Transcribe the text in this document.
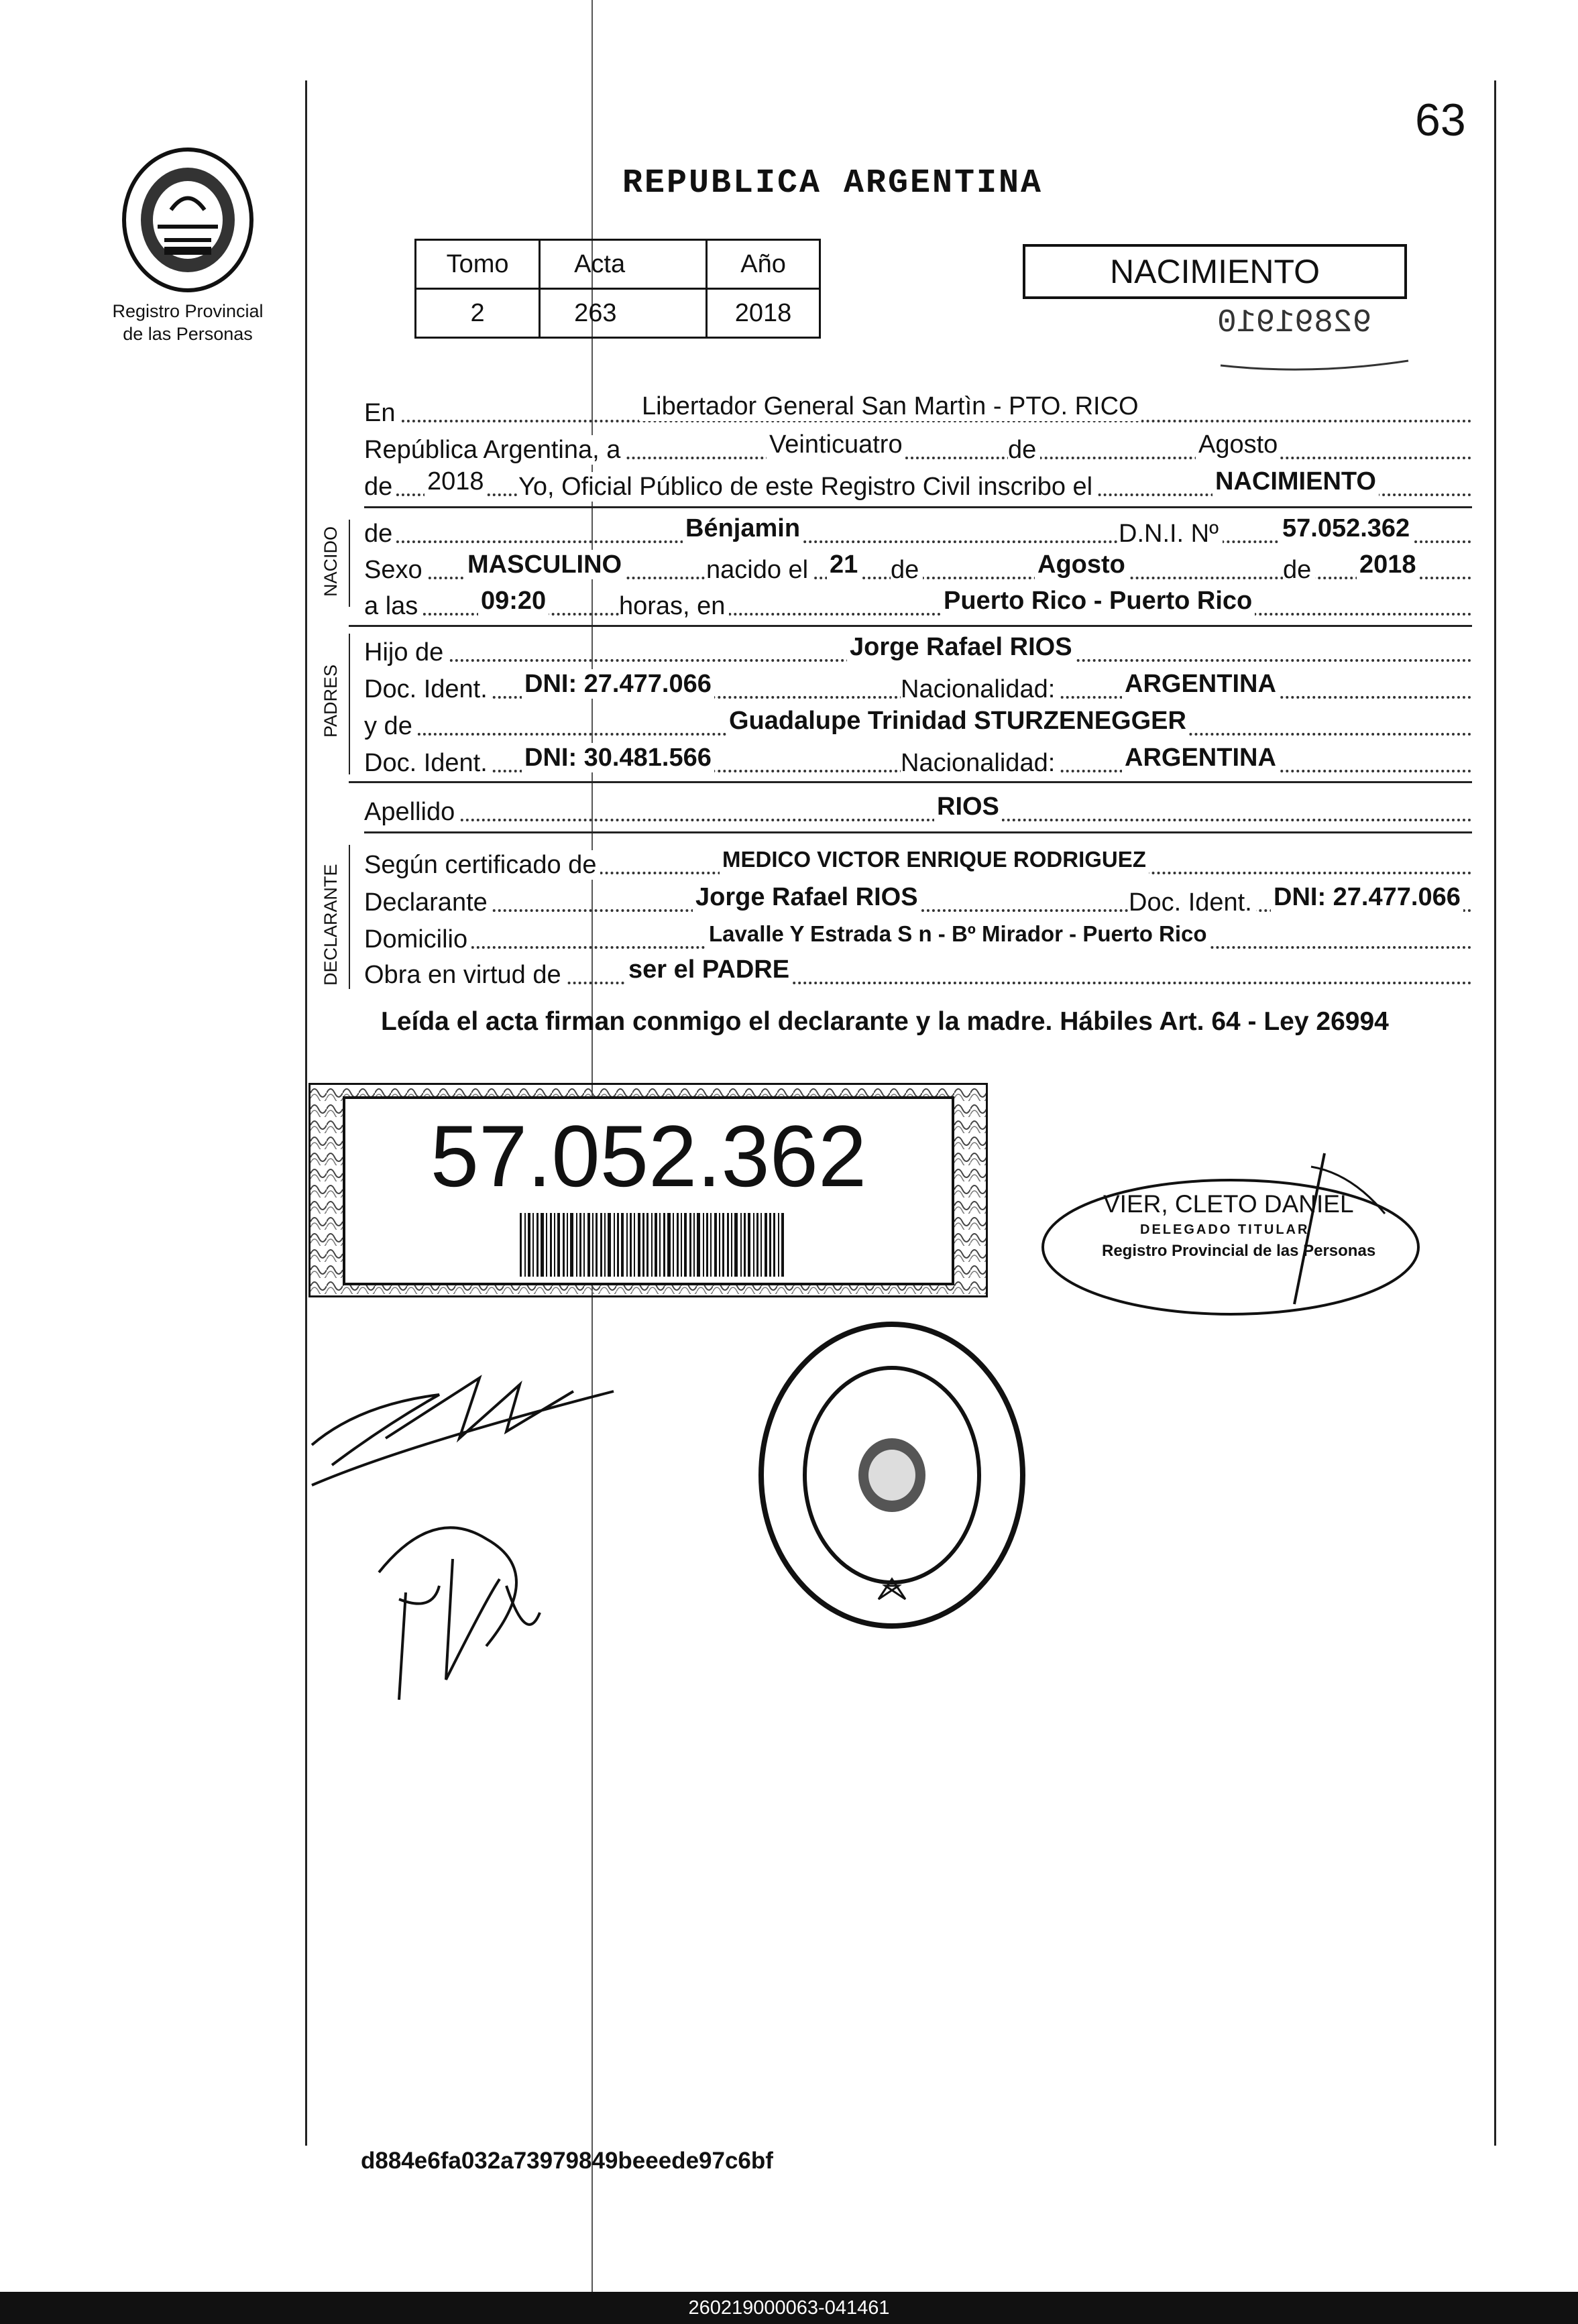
63
Registro Provincial
de las Personas
REPUBLICA ARGENTINA
Tomo	Acta	Año
2	263	2018
NACIMIENTO
92891910
En	Libertador General San Martìn - PTO. RICO
República Argentina, a	Veinticuatro	de	Agosto
de 2018 Yo, Oficial Público de este Registro Civil inscribo el	NACIMIENTO
NACIDO de	Bénjamin	D.N.I. Nº	57.052.362
Sexo MASCULINO	nacido el 21 de	Agosto	de 2018
a las 09:20	horas, en	Puerto Rico - Puerto Rico
PADRES
Hijo de	Jorge Rafael RIOS
Doc. Ident. DNI: 27.477.066	Nacionalidad:	ARGENTINA
y de	Guadalupe Trinidad STURZENEGGER
Doc. Ident. DNI: 30.481.566	Nacionalidad:	ARGENTINA
Apellido	RIOS
DECLARANTE Según certificado de	MEDICO VICTOR ENRIQUE RODRIGUEZ
Declarante	Jorge Rafael RIOS	Doc. Ident. DNI: 27.477.066
Domicilio	Lavalle Y Estrada S n - Bº Mirador - Puerto Rico
Obra en virtud de	ser el PADRE
Leída el acta firman conmigo el declarante y la madre. Hábiles Art. 64 - Ley 26994
57.052.362	VIER, CLETO DANIEL
DELEGADO TITULAR
Registro Provincial de las Personas
d884e6fa032a73979849beeede97c6bf
260219000063-041461
